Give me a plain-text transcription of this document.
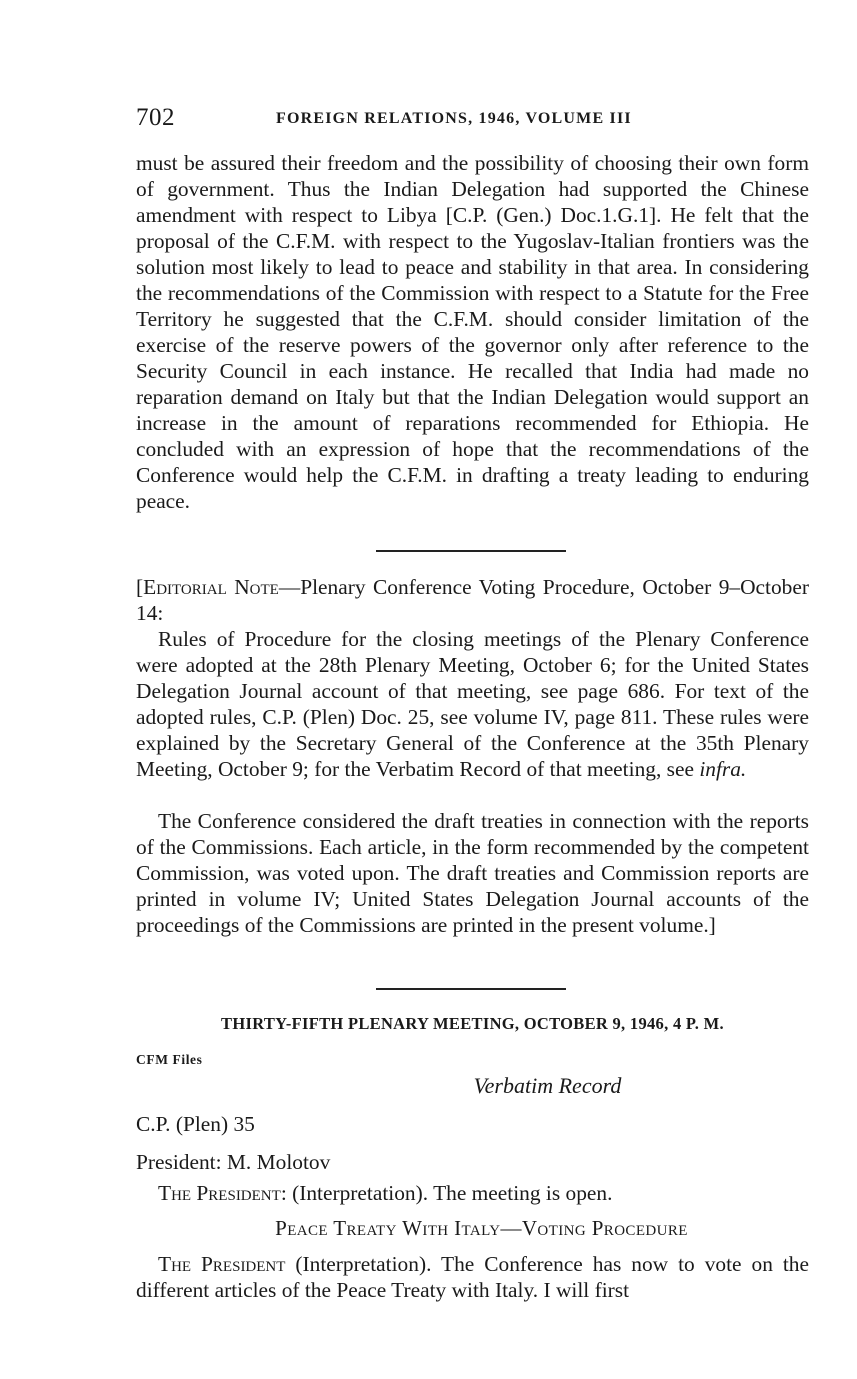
702	FOREIGN RELATIONS, 1946, VOLUME III

must be assured their freedom and the possibility of choosing their own form of government. Thus the Indian Delegation had supported the Chinese amendment with respect to Libya [C.P. (Gen.) Doc.1.G.1]. He felt that the proposal of the C.F.M. with respect to the Yugoslav-Italian frontiers was the solution most likely to lead to peace and stability in that area. In considering the recommendations of the Commission with respect to a Statute for the Free Territory he suggested that the C.F.M. should consider limitation of the exercise of the reserve powers of the governor only after reference to the Security Council in each instance. He recalled that India had made no reparation demand on Italy but that the Indian Delegation would support an increase in the amount of reparations recommended for Ethiopia. He concluded with an expression of hope that the recommendations of the Conference would help the C.F.M. in drafting a treaty leading to enduring peace.

[Editorial Note—Plenary Conference Voting Procedure, October 9–October 14:

Rules of Procedure for the closing meetings of the Plenary Conference were adopted at the 28th Plenary Meeting, October 6; for the United States Delegation Journal account of that meeting, see page 686. For text of the adopted rules, C.P. (Plen) Doc. 25, see volume IV, page 811. These rules were explained by the Secretary General of the Conference at the 35th Plenary Meeting, October 9; for the Verbatim Record of that meeting, see infra.

The Conference considered the draft treaties in connection with the reports of the Commissions. Each article, in the form recommended by the competent Commission, was voted upon. The draft treaties and Commission reports are printed in volume IV; United States Delegation Journal accounts of the proceedings of the Commissions are printed in the present volume.]

THIRTY-FIFTH PLENARY MEETING, OCTOBER 9, 1946, 4 P. M.
CFM Files
Verbatim Record
C.P. (Plen) 35
President: M. Molotov
The President: (Interpretation). The meeting is open.
Peace Treaty With Italy—Voting Procedure

The President (Interpretation). The Conference has now to vote on the different articles of the Peace Treaty with Italy. I will first
